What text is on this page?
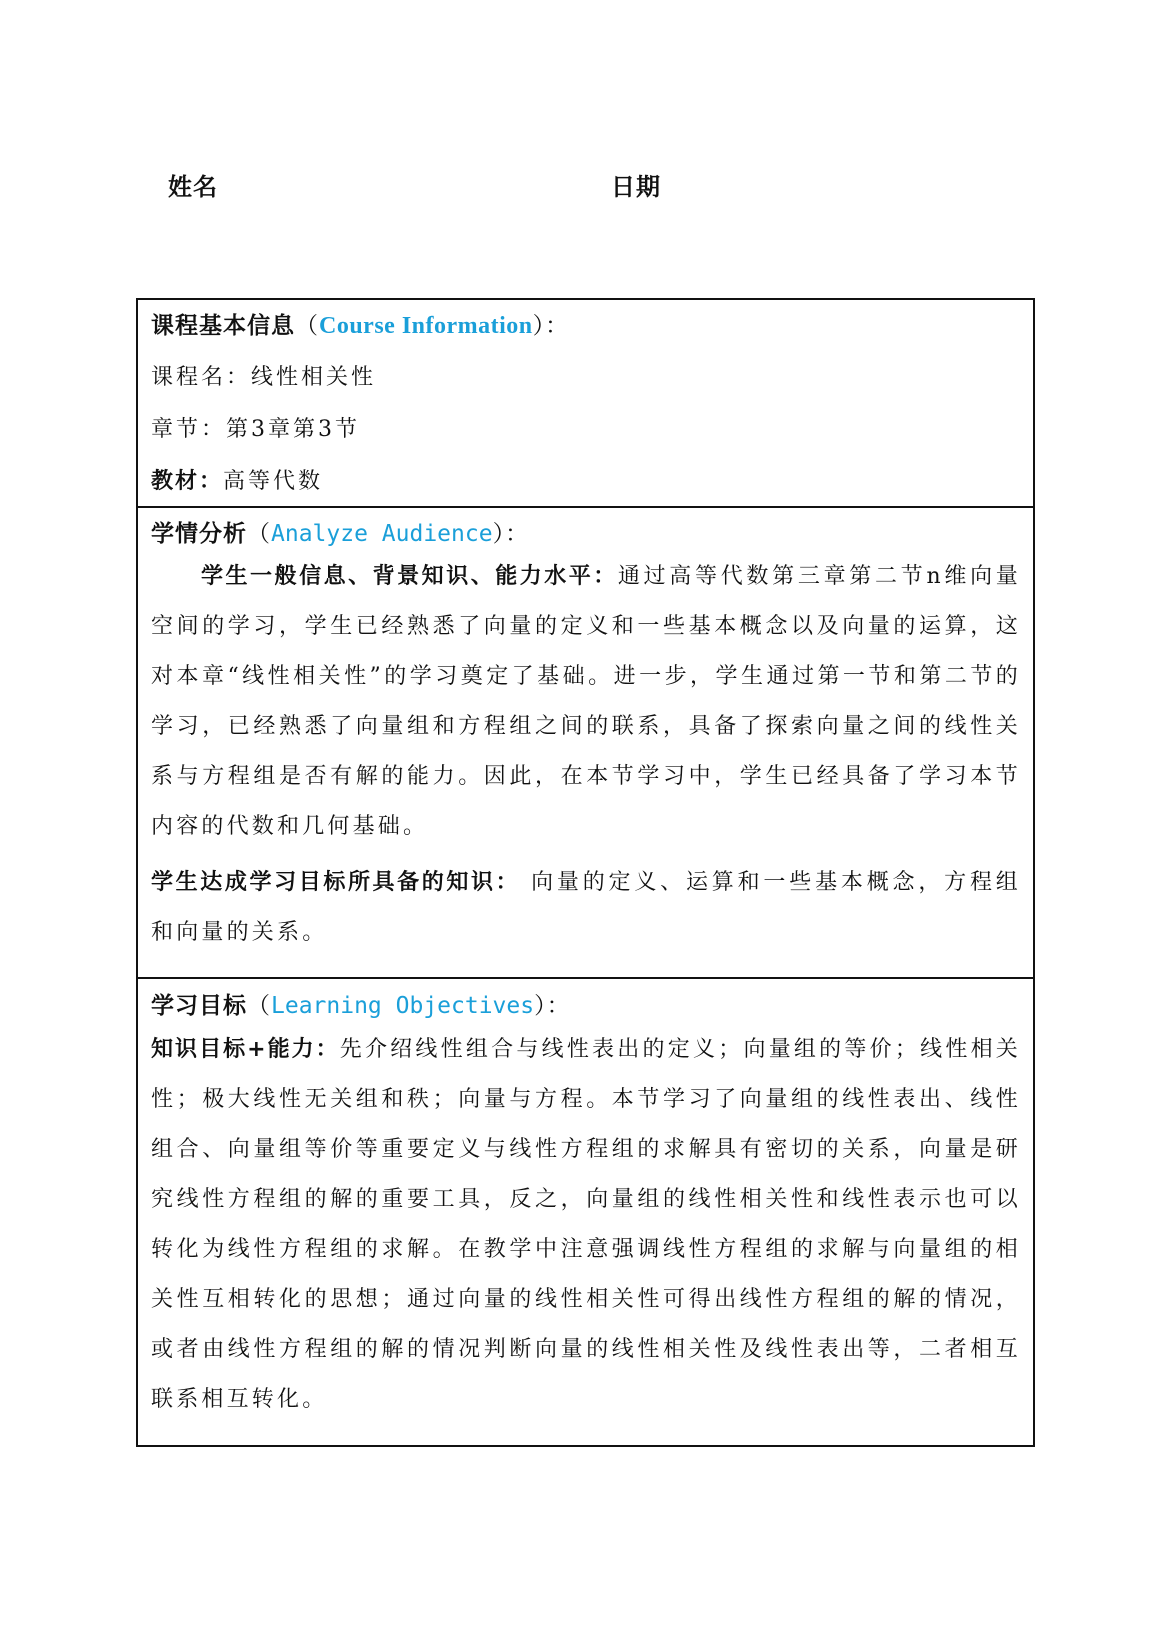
姓名	日期
课程基本信息（Course Information）：
课程名：线性相关性
章节：第3章第3节
教材：高等代数
学情分析（Analyze Audience）：
学生一般信息、背景知识、能力水平：通过高等代数第三章第二节n维向量空间的学习，学生已经熟悉了向量的定义和一些基本概念以及向量的运算，这对本章“线性相关性”的学习奠定了基础。进一步，学生通过第一节和第二节的学习，已经熟悉了向量组和方程组之间的联系，具备了探索向量之间的线性关系与方程组是否有解的能力。因此，在本节学习中，学生已经具备了学习本节内容的代数和几何基础。
学生达成学习目标所具备的知识： 向量的定义、运算和一些基本概念，方程组和向量的关系。
学习目标（Learning Objectives）：
知识目标+能力：先介绍线性组合与线性表出的定义；向量组的等价；线性相关性；极大线性无关组和秩；向量与方程。本节学习了向量组的线性表出、线性组合、向量组等价等重要定义与线性方程组的求解具有密切的关系，向量是研究线性方程组的解的重要工具，反之，向量组的线性相关性和线性表示也可以转化为线性方程组的求解。在教学中注意强调线性方程组的求解与向量组的相关性互相转化的思想；通过向量的线性相关性可得出线性方程组的解的情况，或者由线性方程组的解的情况判断向量的线性相关性及线性表出等，二者相互联系相互转化。
